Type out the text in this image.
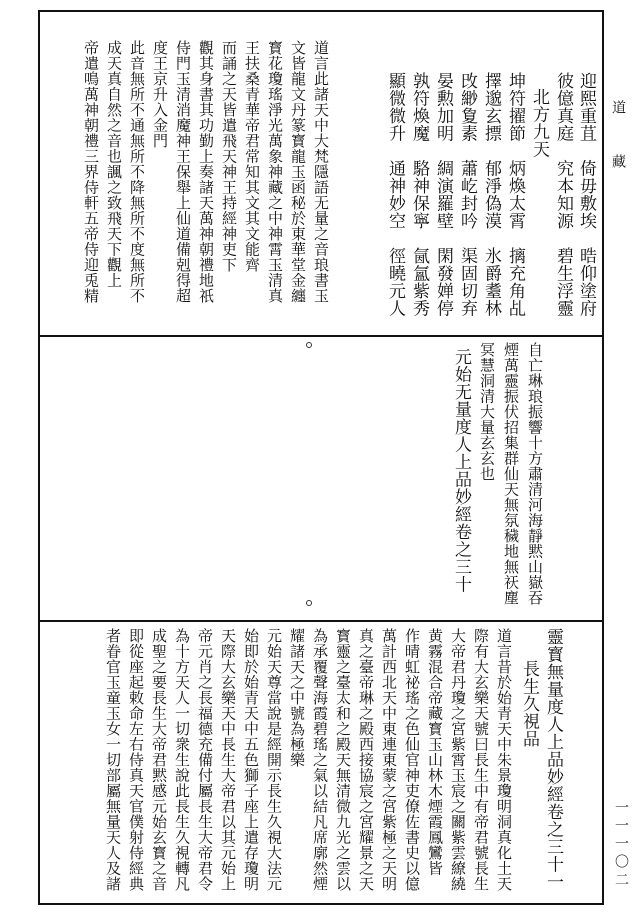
道藏
一一一〇二
迎熙重苴　倚毋敷埃　晧仰塗府
彼億真庭　究本知源　碧生浮靈
北方九天
坤符擢節　炳煥太霄　摛充角乩
擇邈玄摽　郁淨偽漠　氷爵耋林
攺緲夐素　蕭屹封吟　渠固切弃
晏勲加明　綢演羅壁　閑發婵停
孰符煥魔　駱神保寧　氤氳紫秀
顯微微升　通神妙空　徑曉元人
道言此諸天中大梵隱語无量之音琅書玉
文皆龍文丹篆寳龍玉函秘於東華堂金纏
寳花瓊瑤淨光萬象神藏之中神霄玉清真
王扶桑青華帝君常知其文其文能齊
而誦之天皆遣飛天神王持經神吏下
觀其身書其功勤上奏諸天萬神朝禮地祇
侍門玉清消魔神王保舉上仙道備剋得超
度王京升入金門
此音無所不通無所不降無所不度無所不
成天真自然之音也諷之致飛天下觀上
帝遣鳴萬神朝禮三界侍軒五帝侍迎兎精
自亡琳琅振響十方肅清河海靜黙山嶽吞
煙萬靈振伏招集群仙天無氛穢地無祆塵
冥慧洞清大量玄玄也
元始无量度人上品妙經卷之三十
靈寳無量度人上品妙經卷之三十一
長生久視品
道言昔於始青天中朱景瓊明洞真化土天
際有大玄樂天號曰長生中有帝君號長生
大帝君丹瓊之宮紫霄玉宸之關紫雲繚繞
黄霧混合帝藏寳玉山林木煙霞鳳鸞皆
作晴虹祕瑤之色仙官神吏僚佐書史以億
萬計西北天中東連東蒙之宮紫極之天明
真之臺帝琳之殿西接協宸之宮耀景之天
寳靈之臺太和之殿天無清微九光之雲以
為承覆聲海霞碧瑤之氣以結凡席廓然煙
耀諸天之中號為極樂
元始天尊當說是經開示長生久視大法元
始即於始青天中五色獅子座上遣存瓊明
天際大玄樂天中長生大帝君以其元始上
帝元肖之長福德充備付屬長生大帝君令
為十方天人一切衆生說此長生久視轉凡
成聖之要長生大帝君黙感元始玄寳之音
即從座起敕命左右侍真天官僕射侍經典
者眷官玉童玉女一切部屬無量天人及諸
